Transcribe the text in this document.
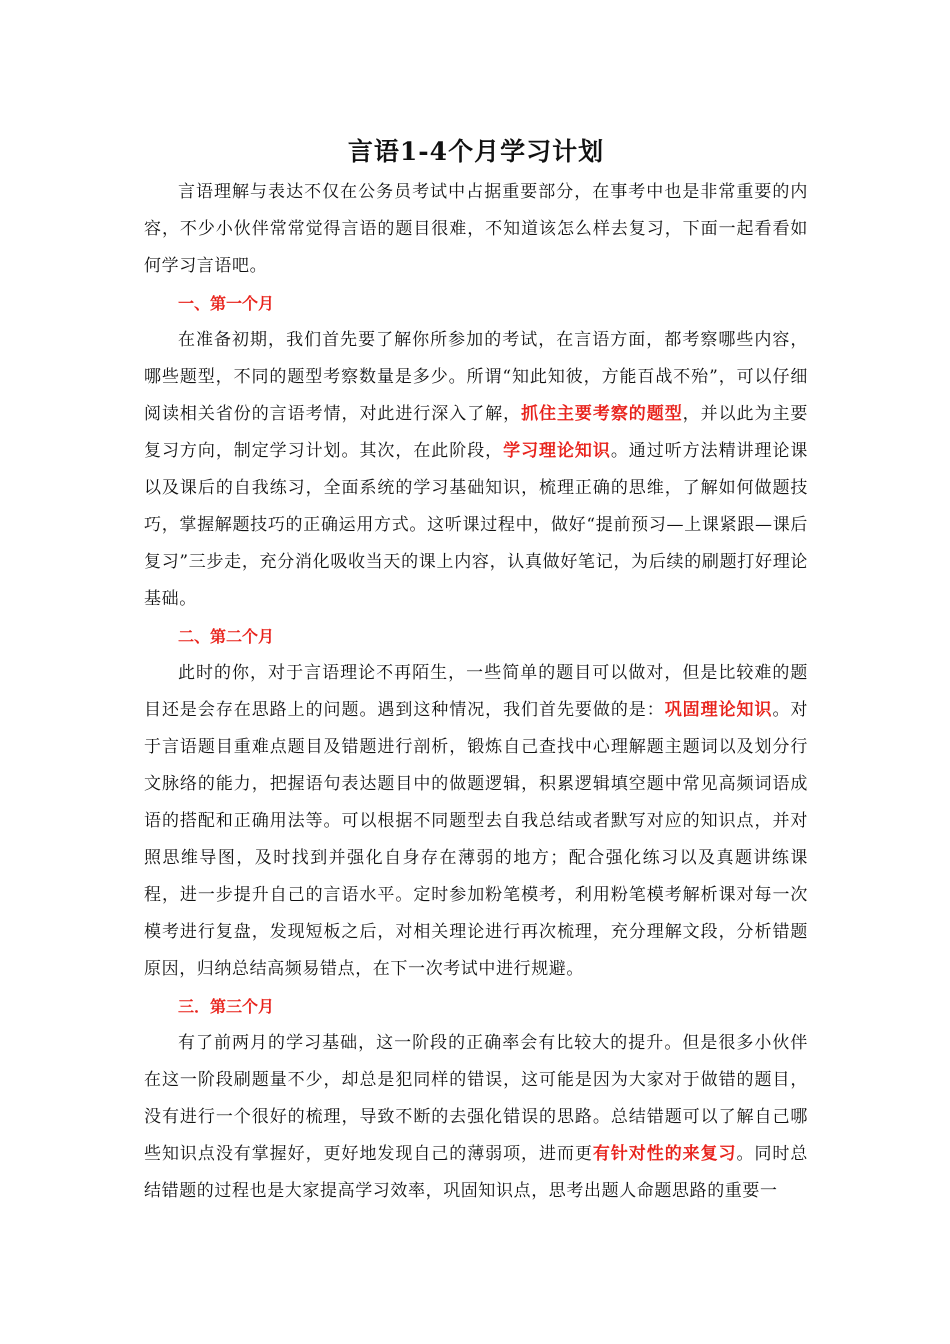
言语1-4个月学习计划

言语理解与表达不仅在公务员考试中占据重要部分，在事考中也是非常重要的内容，不少小伙伴常常觉得言语的题目很难，不知道该怎么样去复习，下面一起看看如何学习言语吧。

一、第一个月

在准备初期，我们首先要了解你所参加的考试，在言语方面，都考察哪些内容，哪些题型，不同的题型考察数量是多少。所谓“知此知彼，方能百战不殆”，可以仔细阅读相关省份的言语考情，对此进行深入了解，抓住主要考察的题型，并以此为主要复习方向，制定学习计划。其次，在此阶段，学习理论知识。通过听方法精讲理论课以及课后的自我练习，全面系统的学习基础知识，梳理正确的思维，了解如何做题技巧，掌握解题技巧的正确运用方式。这听课过程中，做好“提前预习—上课紧跟—课后复习”三步走，充分消化吸收当天的课上内容，认真做好笔记，为后续的刷题打好理论基础。

二、第二个月

此时的你，对于言语理论不再陌生，一些简单的题目可以做对，但是比较难的题目还是会存在思路上的问题。遇到这种情况，我们首先要做的是：巩固理论知识。对于言语题目重难点题目及错题进行剖析，锻炼自己查找中心理解题主题词以及划分行文脉络的能力，把握语句表达题目中的做题逻辑，积累逻辑填空题中常见高频词语成语的搭配和正确用法等。可以根据不同题型去自我总结或者默写对应的知识点，并对照思维导图，及时找到并强化自身存在薄弱的地方；配合强化练习以及真题讲练课程，进一步提升自己的言语水平。定时参加粉笔模考，利用粉笔模考解析课对每一次模考进行复盘，发现短板之后，对相关理论进行再次梳理，充分理解文段，分析错题原因，归纳总结高频易错点，在下一次考试中进行规避。

三．第三个月

有了前两月的学习基础，这一阶段的正确率会有比较大的提升。但是很多小伙伴在这一阶段刷题量不少，却总是犯同样的错误，这可能是因为大家对于做错的题目，没有进行一个很好的梳理，导致不断的去强化错误的思路。总结错题可以了解自己哪些知识点没有掌握好，更好地发现自己的薄弱项，进而更有针对性的来复习。同时总结错题的过程也是大家提高学习效率，巩固知识点，思考出题人命题思路的重要一
